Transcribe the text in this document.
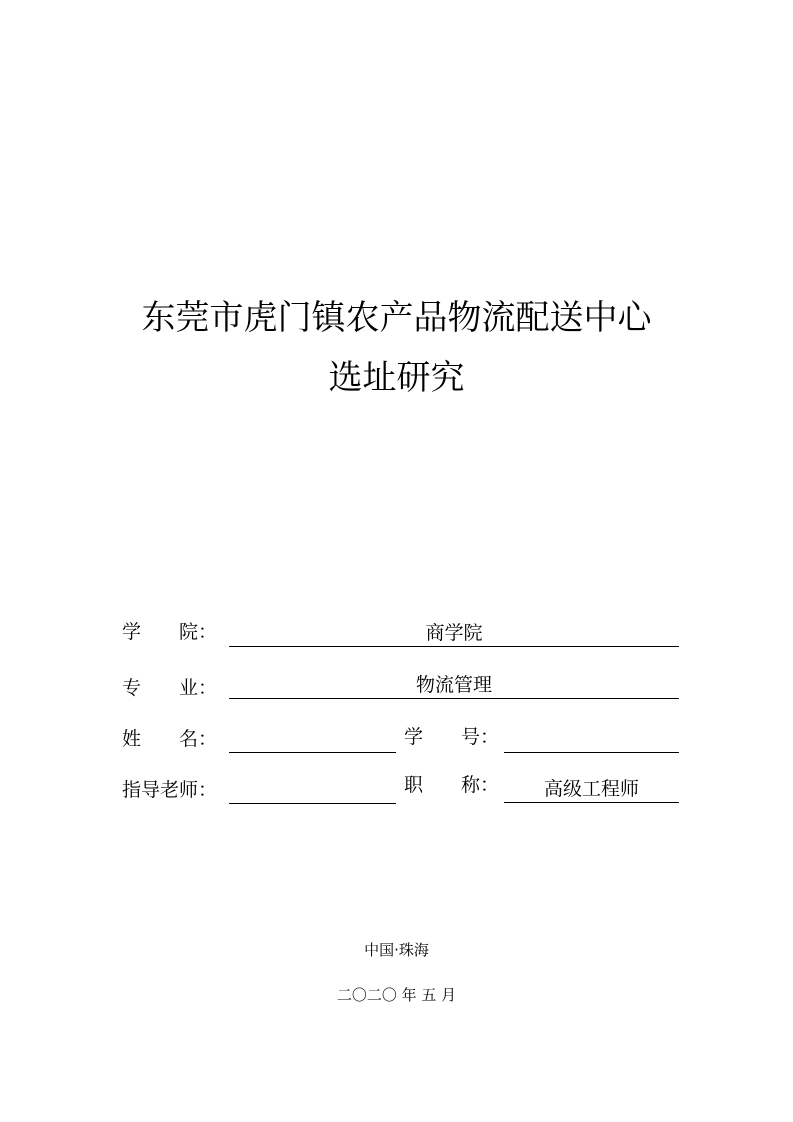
东莞市虎门镇农产品物流配送中心
选址研究
学　　院：	商学院
专　　业：	物流管理
姓　　名：	学　　号：
指导老师：	职　　称：	高级工程师
中国·珠海
二〇二〇 年 五 月
